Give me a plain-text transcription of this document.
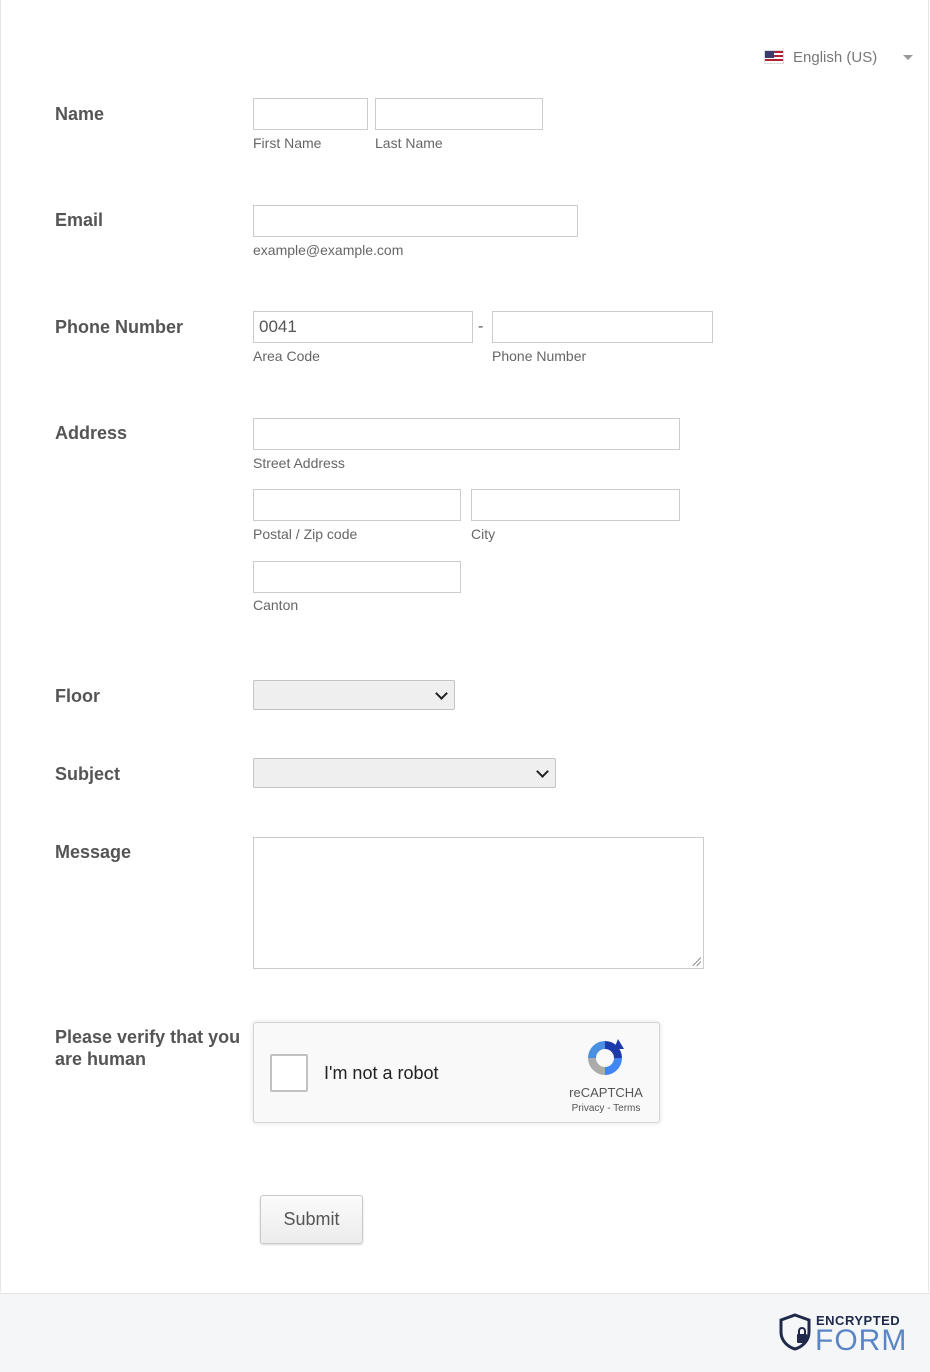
English (US)
Name
First Name	Last Name
Email
example@example.com
Phone Number
0041	-
Area Code	Phone Number
Address
Street Address
Postal / Zip code	City
Canton
Floor
Subject
Message
Please verify that you are human
I'm not a robot
reCAPTCHA
Privacy - Terms
Submit
ENCRYPTED
FORM
